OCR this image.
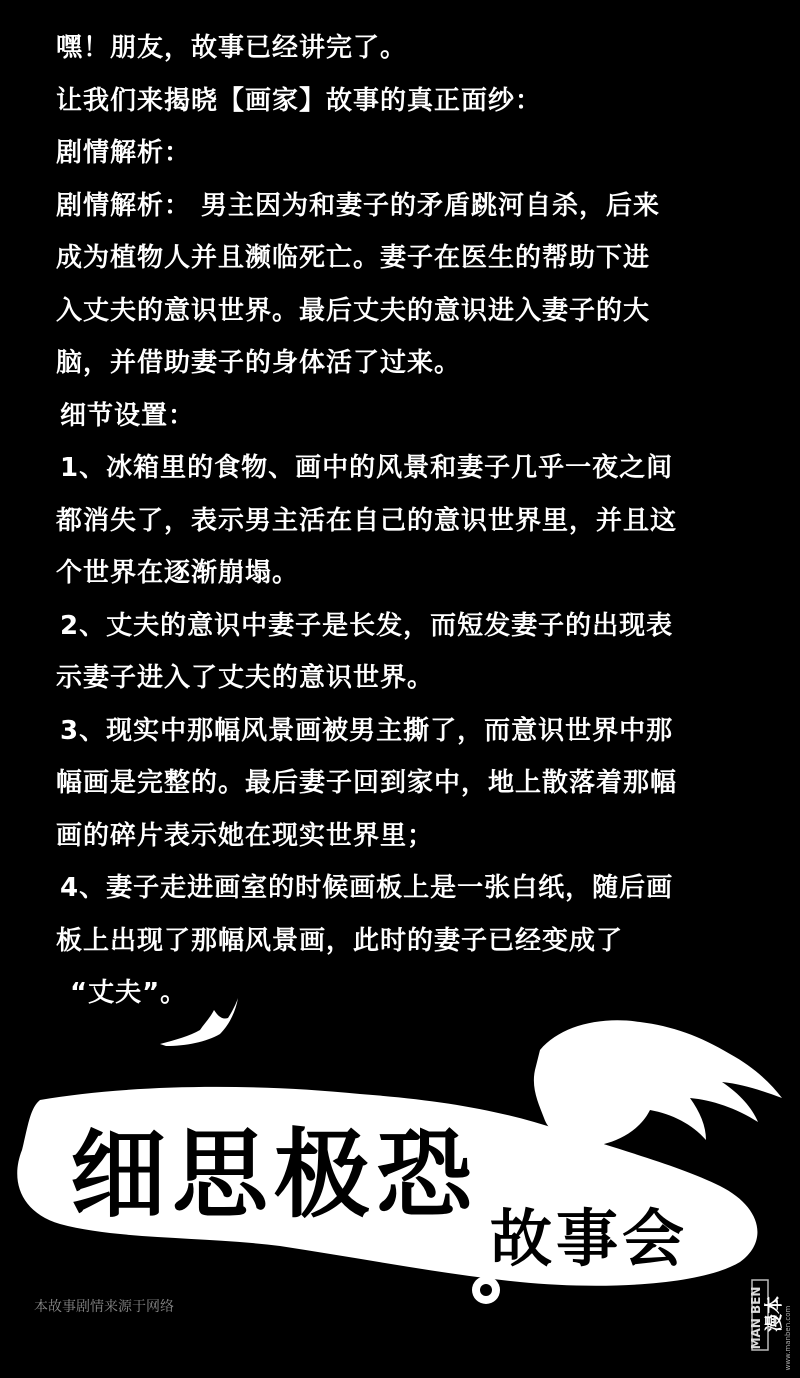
嘿！朋友，故事已经讲完了。
让我们来揭晓【画家】故事的真正面纱：
剧情解析：
剧情解析： 男主因为和妻子的矛盾跳河自杀，后来
成为植物人并且濒临死亡。妻子在医生的帮助下进
入丈夫的意识世界。最后丈夫的意识进入妻子的大
脑，并借助妻子的身体活了过来。
细节设置：
1、冰箱里的食物、画中的风景和妻子几乎一夜之间
都消失了，表示男主活在自己的意识世界里，并且这
个世界在逐渐崩塌。
2、丈夫的意识中妻子是长发，而短发妻子的出现表
示妻子进入了丈夫的意识世界。
3、现实中那幅风景画被男主撕了，而意识世界中那
幅画是完整的。最后妻子回到家中，地上散落着那幅
画的碎片表示她在现实世界里；
4、妻子走进画室的时候画板上是一张白纸，随后画
板上出现了那幅风景画，此时的妻子已经变成了
“丈夫”。
细思极恐
故事会
本故事剧情来源于网络	MAN BEN 漫本 www.manben.com
